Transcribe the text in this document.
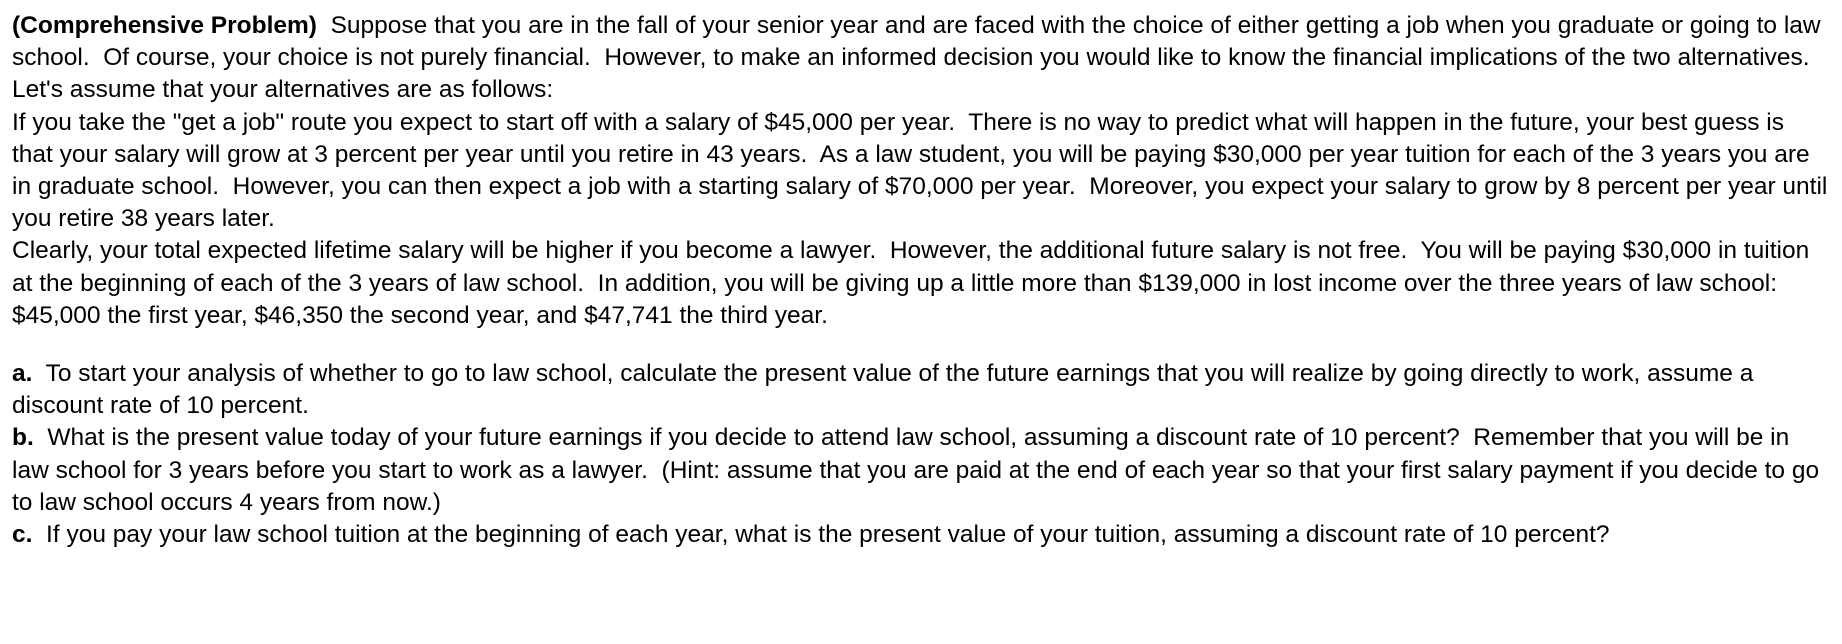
(Comprehensive Problem)  Suppose that you are in the fall of your senior year and are faced with the choice of either getting a job when you graduate or going to law school.  Of course, your choice is not purely financial.  However, to make an informed decision you would like to know the financial implications of the two alternatives.  Let's assume that your alternatives are as follows:

If you take the "get a job" route you expect to start off with a salary of $45,000 per year.  There is no way to predict what will happen in the future, your best guess is that your salary will grow at 3 percent per year until you retire in 43 years.  As a law student, you will be paying $30,000 per year tuition for each of the 3 years you are in graduate school.  However, you can then expect a job with a starting salary of $70,000 per year.  Moreover, you expect your salary to grow by 8 percent per year until you retire 38 years later.

Clearly, your total expected lifetime salary will be higher if you become a lawyer.  However, the additional future salary is not free.  You will be paying $30,000 in tuition at the beginning of each of the 3 years of law school.  In addition, you will be giving up a little more than $139,000 in lost income over the three years of law school:  $45,000 the first year, $46,350 the second year, and $47,741 the third year.

a.  To start your analysis of whether to go to law school, calculate the present value of the future earnings that you will realize by going directly to work, assume a discount rate of 10 percent.

b.  What is the present value today of your future earnings if you decide to attend law school, assuming a discount rate of 10 percent?  Remember that you will be in law school for 3 years before you start to work as a lawyer.  (Hint: assume that you are paid at the end of each year so that your first salary payment if you decide to go to law school occurs 4 years from now.)

c.  If you pay your law school tuition at the beginning of each year, what is the present value of your tuition, assuming a discount rate of 10 percent?
